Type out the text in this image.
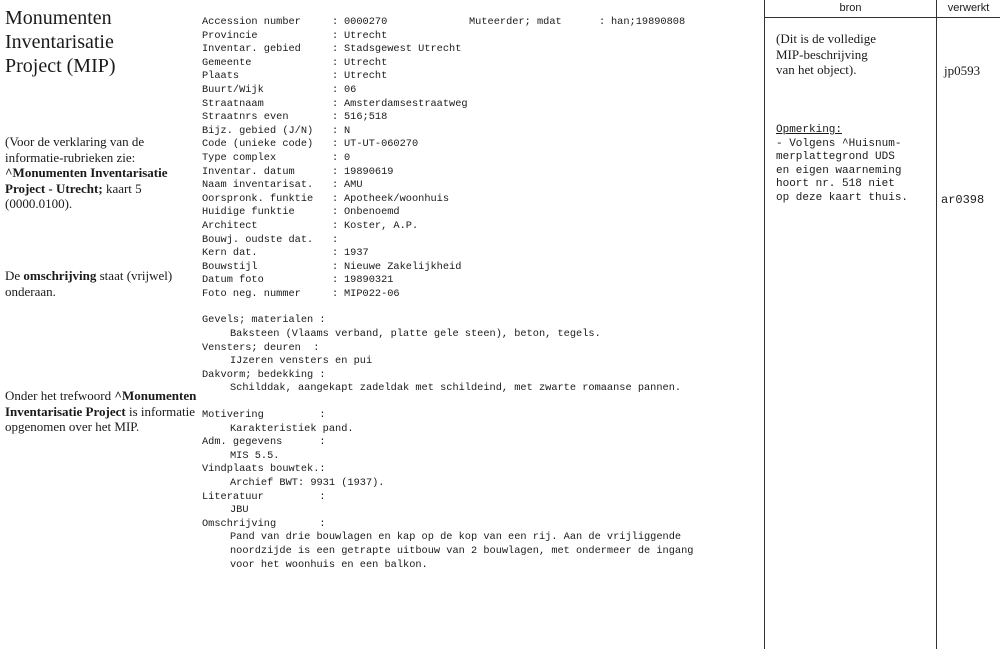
Monumenten
Inventarisatie
Project (MIP)
(Voor de verklaring van de informatie-rubrieken zie: ^Monumenten Inventarisatie Project - Utrecht; kaart 5 (0000.0100).
De omschrijving staat (vrijwel) onderaan.
Onder het trefwoord ^Monumenten Inventarisatie Project is informatie opgenomen over het MIP.
Accession number	: 0000270	Muteerder; mdat	: han;19890808
Provincie	: Utrecht
Inventar. gebied	: Stadsgewest Utrecht
Gemeente	: Utrecht
Plaats	: Utrecht
Buurt/Wijk	: 06
Straatnaam	: Amsterdamsestraatweg
Straatnrs even	: 516;518
Bijz. gebied (J/N)	: N
Code (unieke code)	: UT-UT-060270
Type complex	: 0
Inventar. datum	: 19890619
Naam inventarisat.	: AMU
Oorspronk. funktie	: Apotheek/woonhuis
Huidige funktie	: Onbenoemd
Architect	: Koster, A.P.
Bouwj. oudste dat.	:
Kern dat.	: 1937
Bouwstijl	: Nieuwe Zakelijkheid
Datum foto	: 19890321
Foto neg. nummer	: MIP022-06
Gevels; materialen :
Baksteen (Vlaams verband, platte gele steen), beton, tegels.
Vensters; deuren :
IJzeren vensters en pui
Dakvorm; bedekking :
Schilddak, aangekapt zadeldak met schildeind, met zwarte romaanse pannen.
Motivering :
Karakteristiek pand.
Adm. gegevens :
MIS 5.5.
Vindplaats bouwtek.:
Archief BWT: 9931 (1937).
Literatuur :
JBU
Omschrijving :
Pand van drie bouwlagen en kap op de kop van een rij. Aan de vrijliggende
noordzijde is een getrapte uitbouw van 2 bouwlagen, met ondermeer de ingang
voor het woonhuis en een balkon.
bron	verwerkt
(Dit is de volledige
MIP-beschrijving
van het object).	jp0593
Opmerking:
- Volgens ^Huisnum-
merplattegrond UDS
en eigen waarneming
hoort nr. 518 niet
op deze kaart thuis.	ar0398
